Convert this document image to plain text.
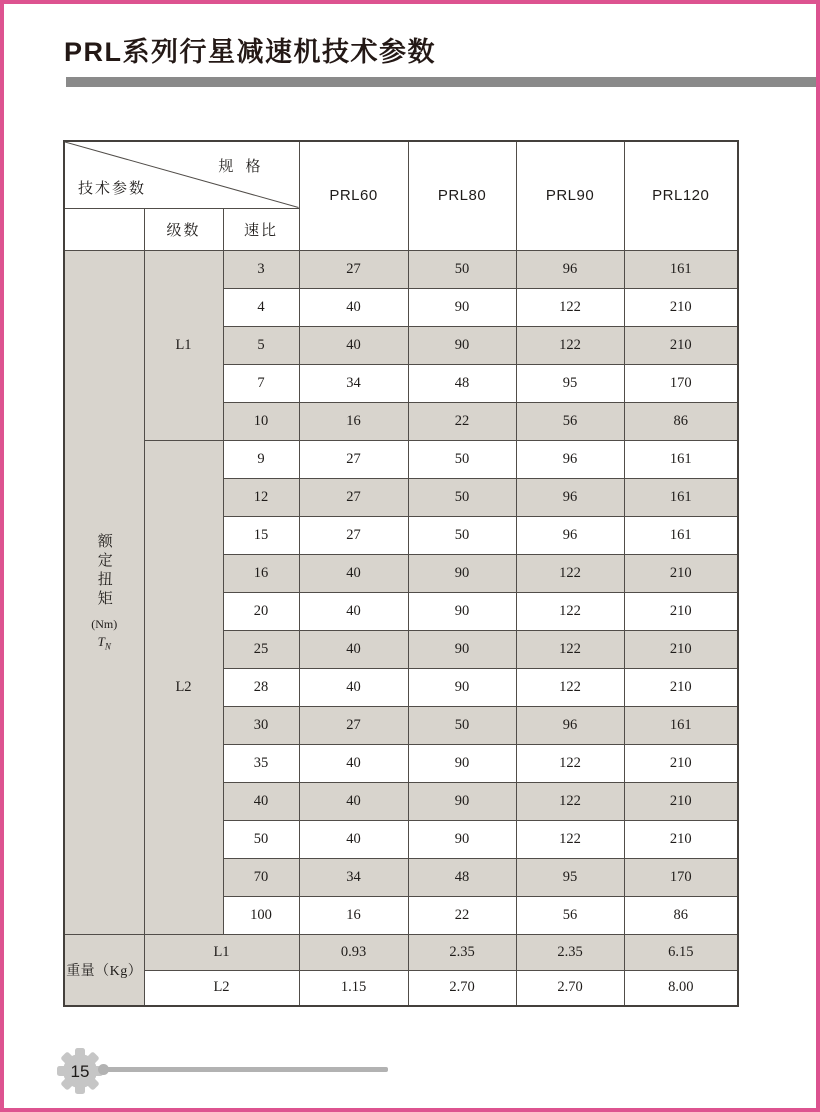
PRL系列行星减速机技术参数
规 格
技术参数			PRL60	PRL80	PRL90	PRL120
	级数	速比				

额定扭矩
(Nm)
$T_N$	L1	3	27	50	96	161
		4	40	90	122	210
		5	40	90	122	210
		7	34	48	95	170
		10	16	22	56	86
	L2	9	27	50	96	161
		12	27	50	96	161
		15	27	50	96	161
		16	40	90	122	210
		20	40	90	122	210
		25	40	90	122	210
		28	40	90	122	210
		30	27	50	96	161
		35	40	90	122	210
		40	40	90	122	210
		50	40	90	122	210
		70	34	48	95	170
		100	16	22	56	86
重量（Kg）	L1		0.93	2.35	2.35	6.15
	L2		1.15	2.70	2.70	8.00
15
